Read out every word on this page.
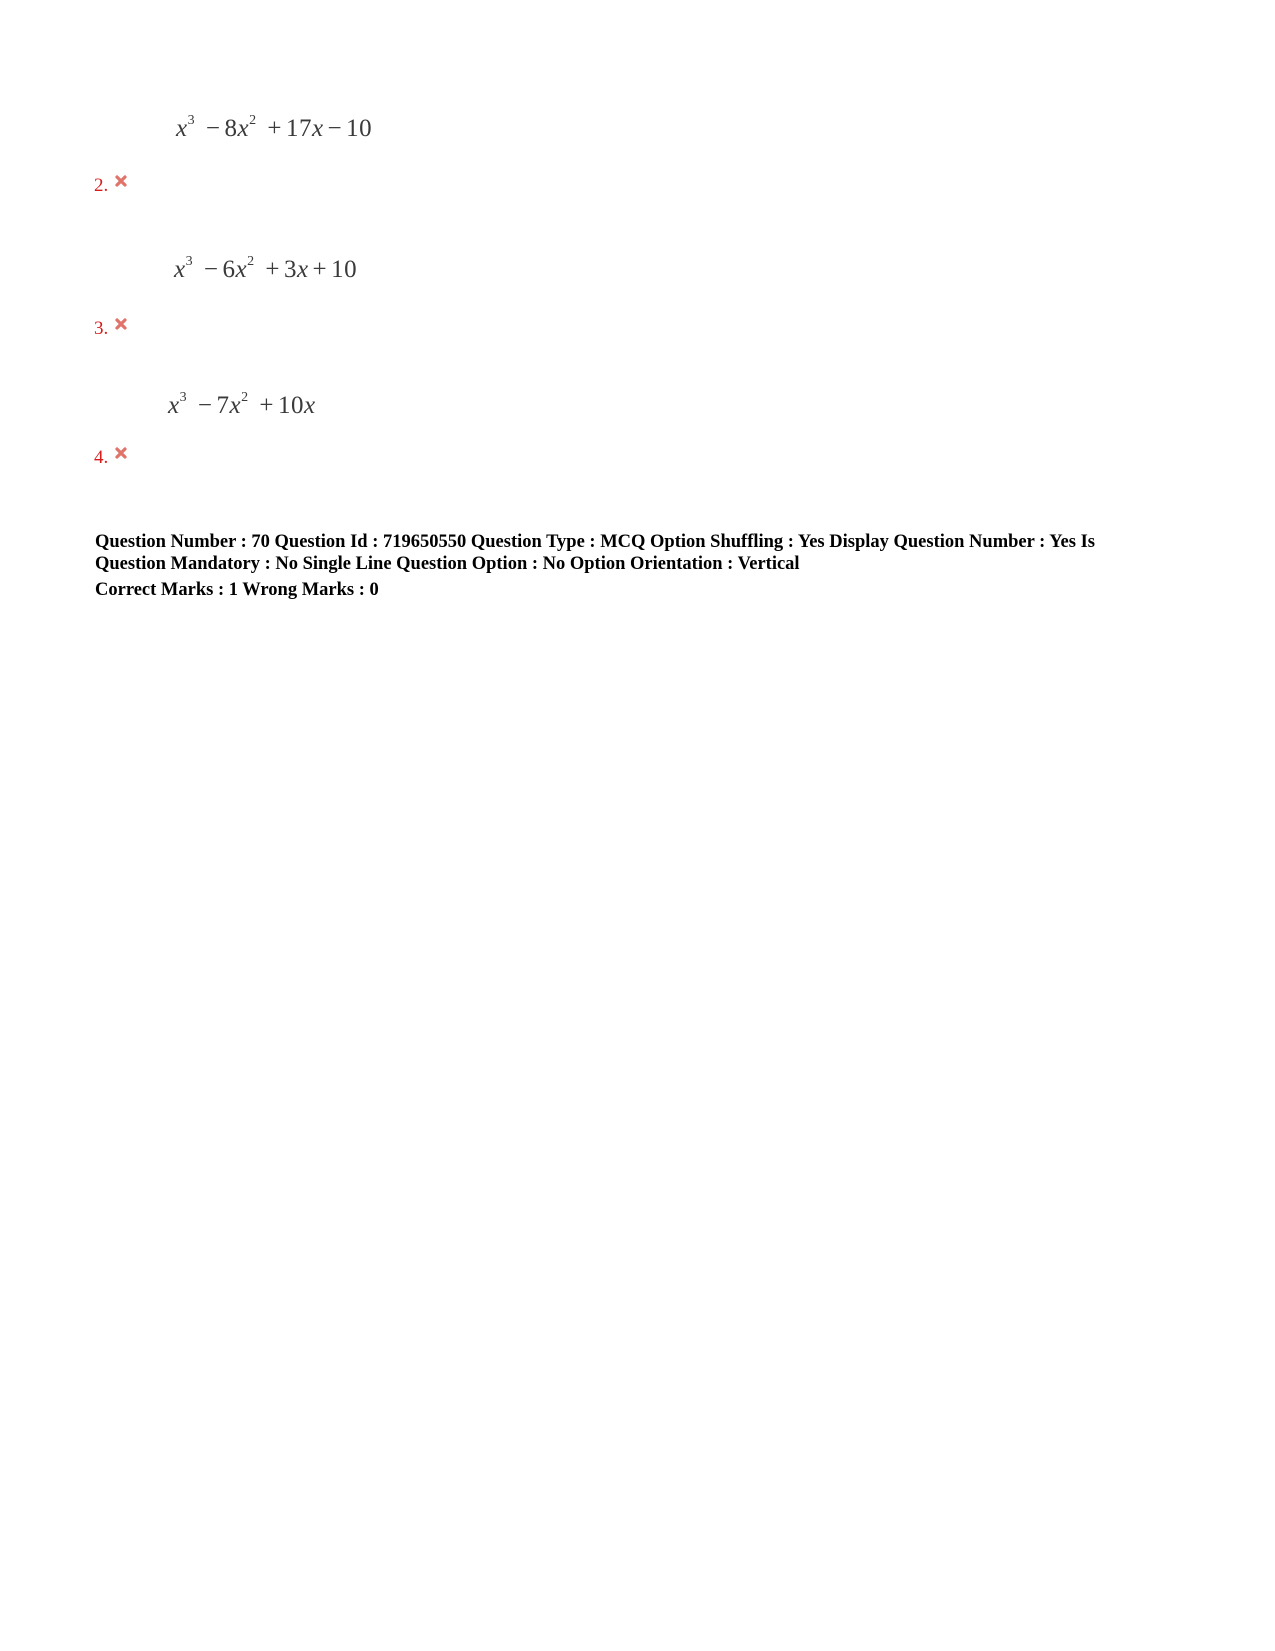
$x^3 - 8x^2 + 17x - 10$
2.
$x^3 - 6x^2 + 3x + 10$
3.
$x^3 - 7x^2 + 10x$
4.
Question Number : 70 Question Id : 719650550 Question Type : MCQ Option Shuffling : Yes Display Question Number : Yes Is
Question Mandatory : No Single Line Question Option : No Option Orientation : Vertical
Correct Marks : 1 Wrong Marks : 0
